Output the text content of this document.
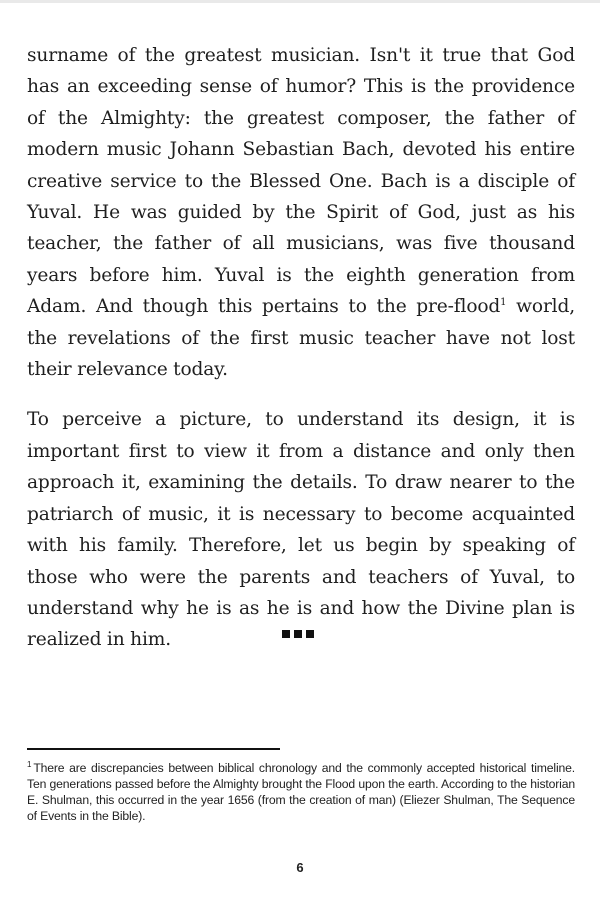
surname of the greatest musician. Isn't it true that God has an exceeding sense of humor? This is the providence of the Almighty: the greatest composer, the father of modern music Johann Sebastian Bach, devoted his entire creative service to the Blessed One. Bach is a disciple of Yuval. He was guided by the Spirit of God, just as his teacher, the father of all musicians, was five thousand years before him. Yuval is the eighth generation from Adam. And though this pertains to the pre-flood$^1$ world, the revelations of the first music teacher have not lost their relevance today.

To perceive a picture, to understand its design, it is important first to view it from a distance and only then approach it, examining the details. To draw nearer to the patriarch of music, it is necessary to become acquainted with his family. Therefore, let us begin by speaking of those who were the parents and teachers of Yuval, to understand why he is as he is and how the Divine plan is realized in him.

$^1$ There are discrepancies between biblical chronology and the commonly accepted historical timeline. Ten generations passed before the Almighty brought the Flood upon the earth. According to the historian E. Shulman, this occurred in the year 1656 (from the creation of man) (Eliezer Shulman, The Sequence of Events in the Bible).

6
